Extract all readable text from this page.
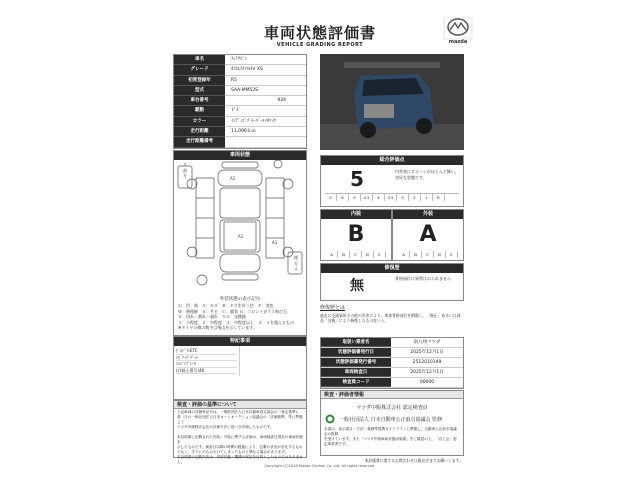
車両状態評価書
VEHICLE GRADING REPORT	mazda
車名	ﾌﾚｱﾜｺﾞﾝ
グレード	ｶｽﾀﾑｽﾀｲﾙHV XS
初度登録年	R5
型式	SAA-MM53S
車台番号	934
駆動	ＦＦ
カラー	ｲﾝﾃﾞｨｺﾞﾌﾞﾙｰﾊﾟｰﾙﾒﾀﾘｯｸ
走行距離	11,096Ｋｍ
走行距離備考
車両状態
A1
A1
A1
↑
前
方
後
方
↓
外装状態の表示記号
Ｕ：凹 . 曲　Ａ：キズ　Ｂ：キズを伴う凹　Ｐ：変色
Ｗ：修理跡　Ｓ：サビ　Ｃ：腐食 Ｇ：フロントガラス飛び石
Ｘ：切れ・割れ・剥れ　ＸＸ：交換跡
１：小程度　２：中程度　３：中程度以上　４：３を超えるもの
※タイヤの損の数字は残山を示しています。
特記事項
ﾋﾞﾙﾄﾞｲﾝETC
ﾅﾋﾞｱｯﾌﾟﾃﾞｰﾄ
ｴﾝｼﾞﾝﾌﾞﾚｰｷ
(評価士番号)46
検査・評価の基準について
上記車両の評価等記号は、一般財団法人日本自動車査定協会の「査定基準に
基（日の一般社団法人日本オートオークション協議会の「評価基準」等に準拠して
マツダ中販株式会社の評価方法に基づき評価したものです。

本証明書に記載された内装・外装に関する評価は、車両検査日現在の車両状態を
示したものです。検査日以降の時間の経過により、記載の状況が変化するもの
でなく、すでにのちの欠けてしまったものと異なる場合があります。
本証明書の記載内容は、内部状態・機構の保証を目的としたものではありません。	本評価書に関するお問合わせは販売店までお願いします。
Copyright (C)2018 Mazda Chuhan Co. Ltd. All rights reserved.
総合評価点
5	内外装にダメージがほとんど無い、良好な状態です。
S	6	5	4.5	4	3.5	3	2	1	R
内装
B
A	B	C	D	E
外装
A
A	B	C	D	E
修復歴
無	骨格部位に異常はみられません
修復歴とは
過去に交通事故その他の災害により、車体骨格部位を損傷し、「修正」あるいは部品「交換」により修復したものをいう。
取扱い業者名	南九州マツダ
状態評価書発行日	2025年12月1日
状態評価書発行番号	2512010149
車両検査日	2025年12月1日
検査員コード	00000
検査・評価者情報
マツダ中販株式会社 認定検査員
一般社団法人 日本自動車公正取引協議会 監修
本書は、表示項目・方法・義務等提携ガイドラインに準拠し、自動車公正取引協議会の監修
を受けています。また「マツダ中販車両状態評価書」をご確認の上、「自工会」認定事業者です。
